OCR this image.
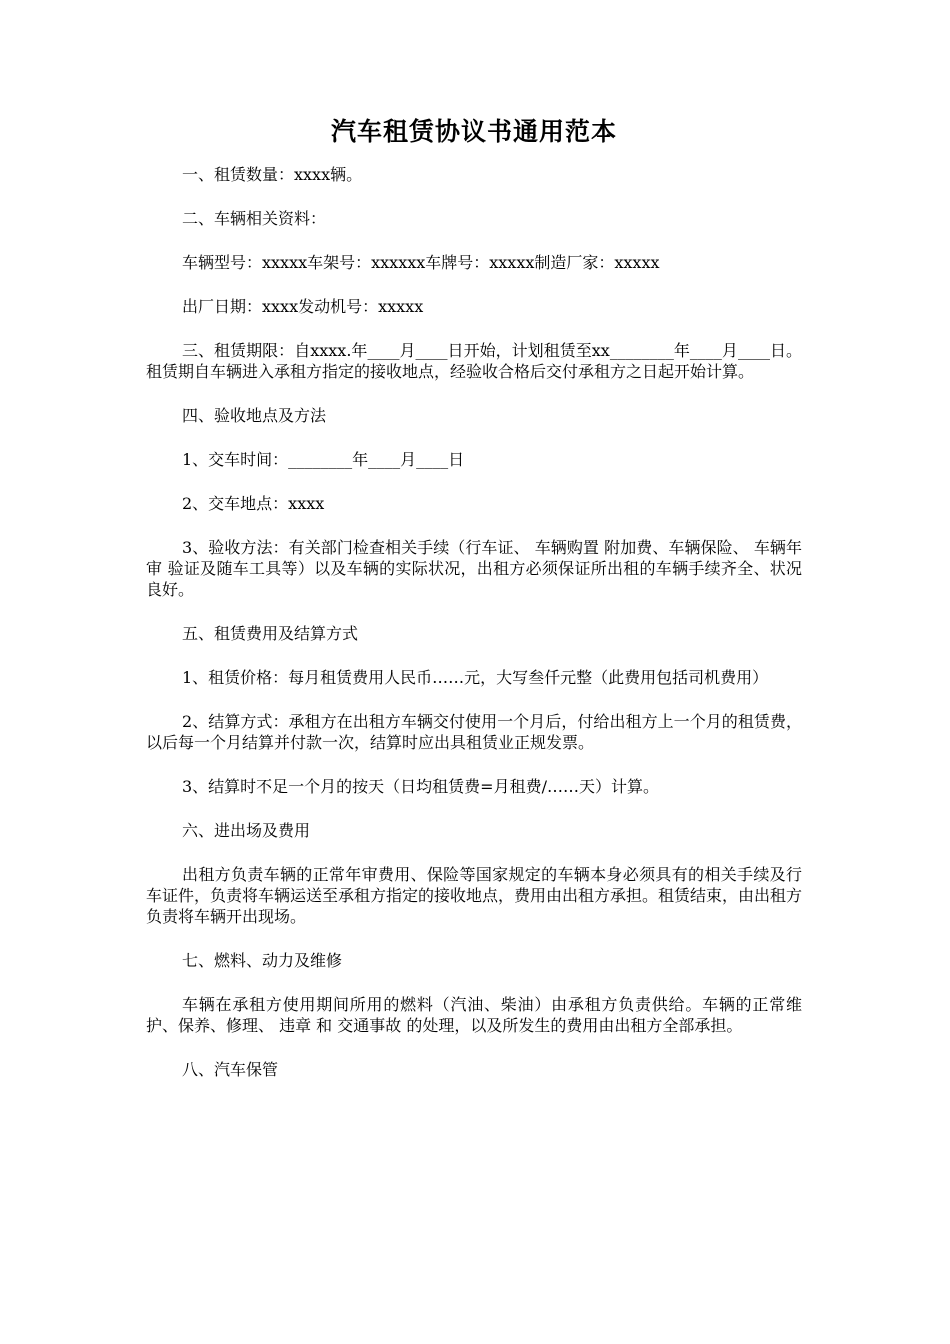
汽车租赁协议书通用范本

一、租赁数量：xxxx辆。

二、车辆相关资料：

车辆型号：xxxxx车架号：xxxxxx车牌号：xxxxx制造厂家：xxxxx

出厂日期：xxxx发动机号：xxxxx

三、租赁期限：自xxxx.年____月____日开始，计划租赁至xx________年____月____日。租赁期自车辆进入承租方指定的接收地点，经验收合格后交付承租方之日起开始计算。

四、验收地点及方法

1、交车时间：________年____月____日

2、交车地点：xxxx

3、验收方法：有关部门检查相关手续（行车证、 车辆购置 附加费、车辆保险、 车辆年审 验证及随车工具等）以及车辆的实际状况，出租方必须保证所出租的车辆手续齐全、状况良好。

五、租赁费用及结算方式

1、租赁价格：每月租赁费用人民币……元，大写叁仟元整（此费用包括司机费用）

2、结算方式：承租方在出租方车辆交付使用一个月后，付给出租方上一个月的租赁费，以后每一个月结算并付款一次，结算时应出具租赁业正规发票。

3、结算时不足一个月的按天（日均租赁费=月租费/……天）计算。

六、进出场及费用

出租方负责车辆的正常年审费用、保险等国家规定的车辆本身必须具有的相关手续及行车证件，负责将车辆运送至承租方指定的接收地点，费用由出租方承担。租赁结束，由出租方负责将车辆开出现场。

七、燃料、动力及维修

车辆在承租方使用期间所用的燃料（汽油、柴油）由承租方负责供给。车辆的正常维护、保养、修理、 违章 和 交通事故 的处理，以及所发生的费用由出租方全部承担。

八、汽车保管
